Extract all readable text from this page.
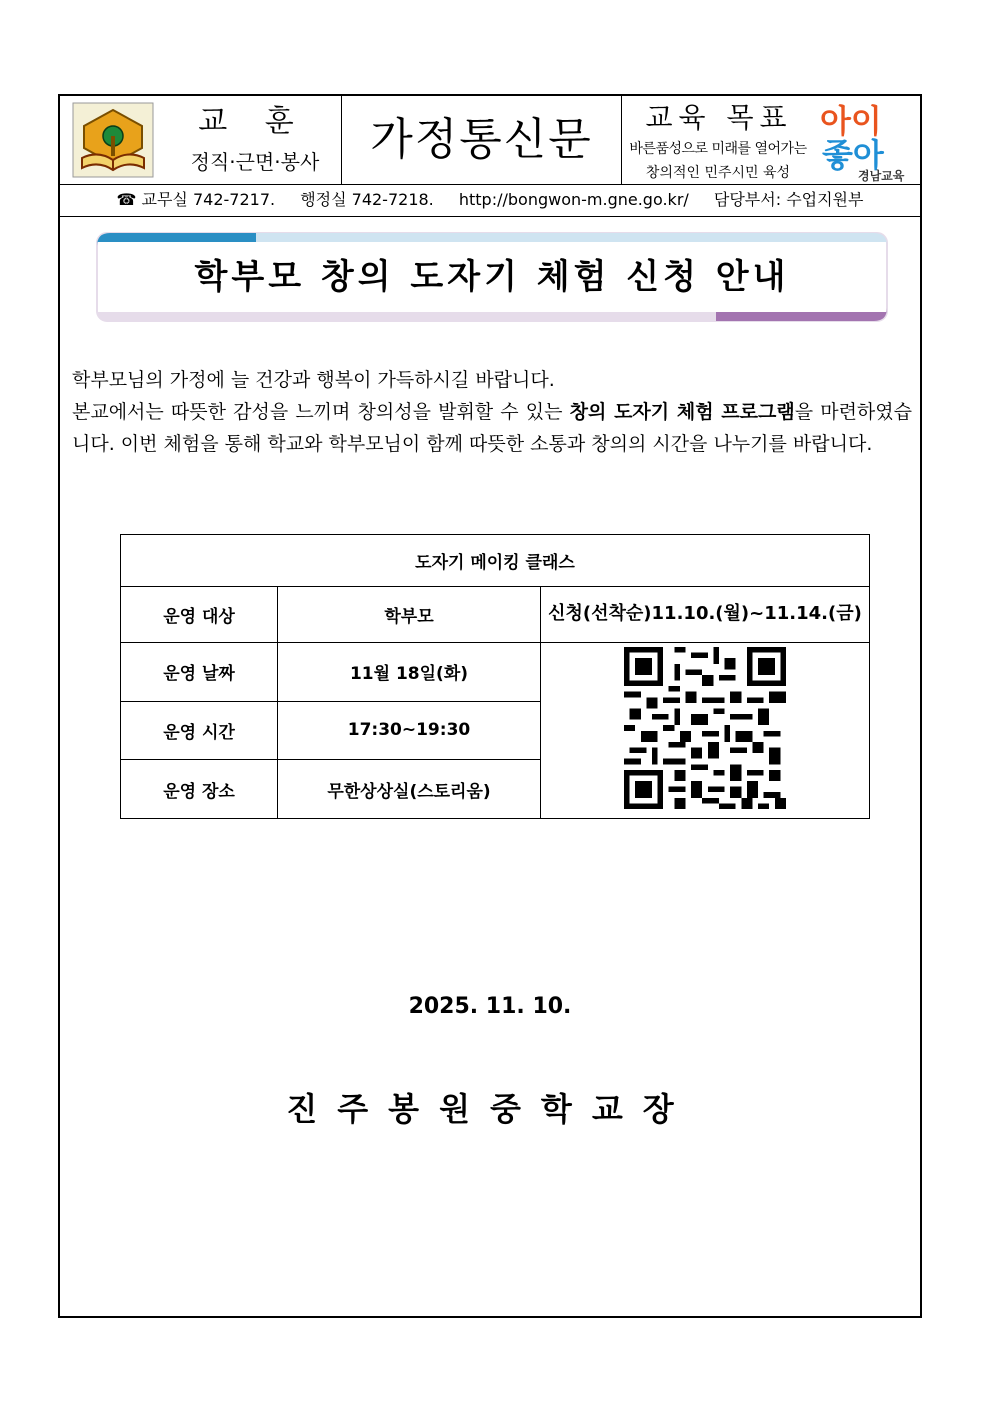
교 훈
정직·근면·봉사	가정통신문	교육 목표
바른품성으로 미래를 열어가는
창의적인 민주시민 육성
아이
좋아
경남교육
☎ 교무실 742-7217. 행정실 742-7218. http://bongwon-m.gne.go.kr/ 담당부서: 수업지원부
학부모 창의 도자기 체험 신청 안내

학부모님의 가정에 늘 건강과 행복이 가득하시길 바랍니다.

본교에서는 따뜻한 감성을 느끼며 창의성을 발휘할 수 있는 창의 도자기 체험 프로그램을 마련하였습니다. 이번 체험을 통해 학교와 학부모님이 함께 따뜻한 소통과 창의의 시간을 나누기를 바랍니다.

도자기 메이킹 클래스		
운영 대상	학부모	신청(선착순)11.10.(월)~11.14.(금)
운영 날짜	11월 18일(화)	
운영 시간	17:30~19:30	
운영 장소	무한상상실(스토리움)	
2025. 11. 10.
진주봉원중학교장
